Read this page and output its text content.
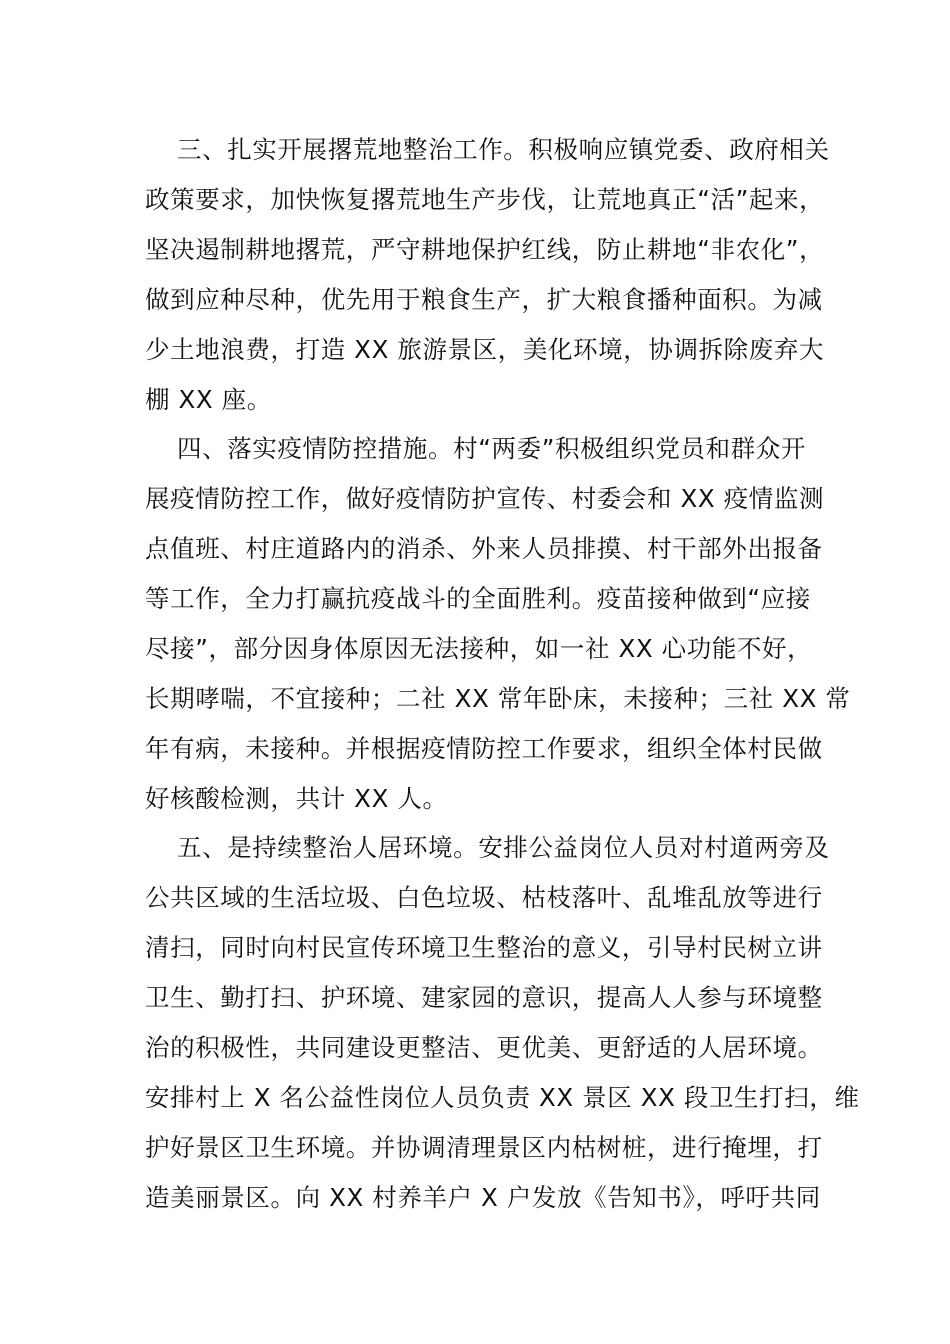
三、扎实开展撂荒地整治工作。积极响应镇党委、政府相关
政策要求，加快恢复撂荒地生产步伐，让荒地真正“活”起来，
坚决遏制耕地撂荒，严守耕地保护红线，防止耕地“非农化”，
做到应种尽种，优先用于粮食生产，扩大粮食播种面积。为减
少土地浪费，打造 XX 旅游景区，美化环境，协调拆除废弃大
棚 XX 座。
四、落实疫情防控措施。村“两委”积极组织党员和群众开
展疫情防控工作，做好疫情防护宣传、村委会和 XX 疫情监测
点值班、村庄道路内的消杀、外来人员排摸、村干部外出报备
等工作，全力打赢抗疫战斗的全面胜利。疫苗接种做到“应接
尽接”，部分因身体原因无法接种，如一社 XX 心功能不好，
长期哮喘，不宜接种；二社 XX 常年卧床，未接种；三社 XX 常
年有病，未接种。并根据疫情防控工作要求，组织全体村民做
好核酸检测，共计 XX 人。
五、是持续整治人居环境。安排公益岗位人员对村道两旁及
公共区域的生活垃圾、白色垃圾、枯枝落叶、乱堆乱放等进行
清扫，同时向村民宣传环境卫生整治的意义，引导村民树立讲
卫生、勤打扫、护环境、建家园的意识，提高人人参与环境整
治的积极性，共同建设更整洁、更优美、更舒适的人居环境。
安排村上 X 名公益性岗位人员负责 XX 景区 XX 段卫生打扫，维
护好景区卫生环境。并协调清理景区内枯树桩，进行掩埋，打
造美丽景区。向 XX 村养羊户 X 户发放《告知书》，呼吁共同
